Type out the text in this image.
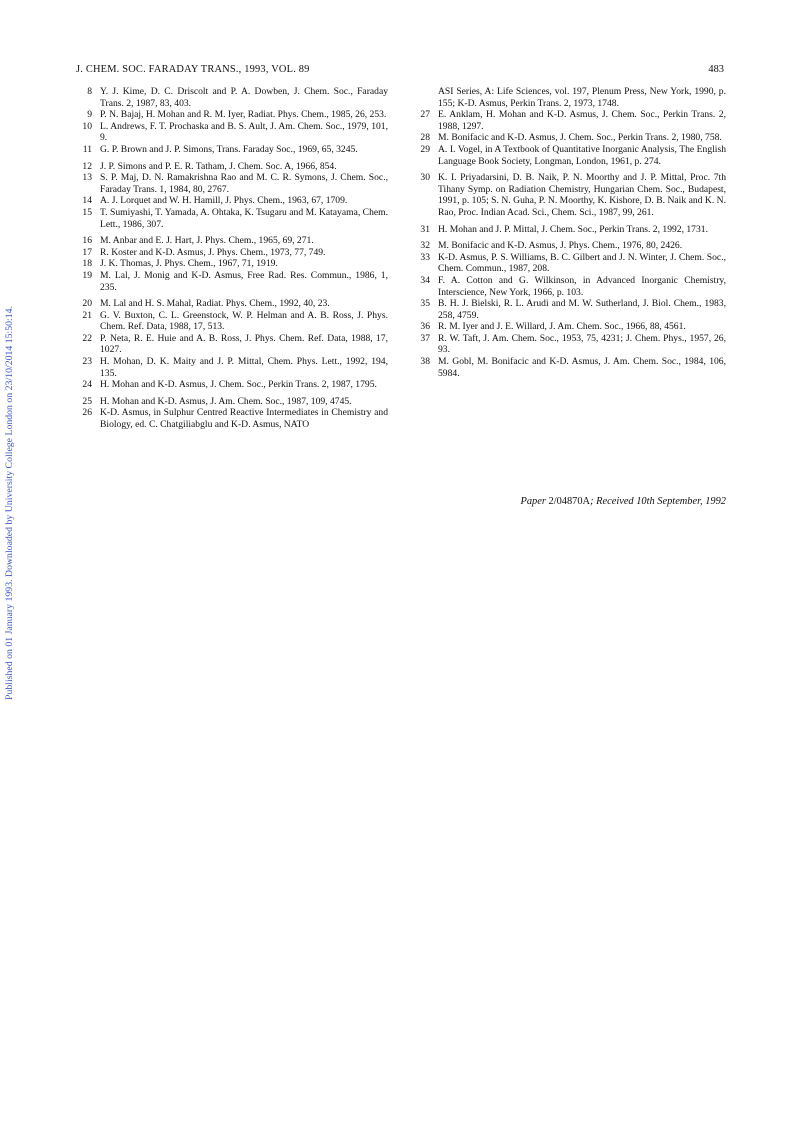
J. CHEM. SOC. FARADAY TRANS., 1993, VOL. 89	483
Published on 01 January 1993. Downloaded by University College London on 23/10/2014 15:50:14.
8 Y. J. Kime, D. C. Driscolt and P. A. Dowben, J. Chem. Soc., Faraday Trans. 2, 1987, 83, 403.
9 P. N. Bajaj, H. Mohan and R. M. Iyer, Radiat. Phys. Chem., 1985, 26, 253.
10 L. Andrews, F. T. Prochaska and B. S. Ault, J. Am. Chem. Soc., 1979, 101, 9.
11 G. P. Brown and J. P. Simons, Trans. Faraday Soc., 1969, 65, 3245.
12 J. P. Simons and P. E. R. Tatham, J. Chem. Soc. A, 1966, 854.
13 S. P. Maj, D. N. Ramakrishna Rao and M. C. R. Symons, J. Chem. Soc., Faraday Trans. 1, 1984, 80, 2767.
14 A. J. Lorquet and W. H. Hamill, J. Phys. Chem., 1963, 67, 1709.
15 T. Sumiyashi, T. Yamada, A. Ohtaka, K. Tsugaru and M. Katayama, Chem. Lett., 1986, 307.
16 M. Anbar and E. J. Hart, J. Phys. Chem., 1965, 69, 271.
17 R. Koster and K-D. Asmus, J. Phys. Chem., 1973, 77, 749.
18 J. K. Thomas, J. Phys. Chem., 1967, 71, 1919.
19 M. Lal, J. Monig and K-D. Asmus, Free Rad. Res. Commun., 1986, 1, 235.
20 M. Lal and H. S. Mahal, Radiat. Phys. Chem., 1992, 40, 23.
21 G. V. Buxton, C. L. Greenstock, W. P. Helman and A. B. Ross, J. Phys. Chem. Ref. Data, 1988, 17, 513.
22 P. Neta, R. E. Huie and A. B. Ross, J. Phys. Chem. Ref. Data, 1988, 17, 1027.
23 H. Mohan, D. K. Maity and J. P. Mittal, Chem. Phys. Lett., 1992, 194, 135.
24 H. Mohan and K-D. Asmus, J. Chem. Soc., Perkin Trans. 2, 1987, 1795.
25 H. Mohan and K-D. Asmus, J. Am. Chem. Soc., 1987, 109, 4745.
26 K-D. Asmus, in Sulphur Centred Reactive Intermediates in Chemistry and Biology, ed. C. Chatgiliabglu and K-D. Asmus, NATO
ASI Series, A: Life Sciences, vol. 197, Plenum Press, New York, 1990, p. 155; K-D. Asmus, Perkin Trans. 2, 1973, 1748.
27 E. Anklam, H. Mohan and K-D. Asmus, J. Chem. Soc., Perkin Trans. 2, 1988, 1297.
28 M. Bonifacic and K-D. Asmus, J. Chem. Soc., Perkin Trans. 2, 1980, 758.
29 A. I. Vogel, in A Textbook of Quantitative Inorganic Analysis, The English Language Book Society, Longman, London, 1961, p. 274.
30 K. I. Priyadarsini, D. B. Naik, P. N. Moorthy and J. P. Mittal, Proc. 7th Tihany Symp. on Radiation Chemistry, Hungarian Chem. Soc., Budapest, 1991, p. 105; S. N. Guha, P. N. Moorthy, K. Kishore, D. B. Naik and K. N. Rao, Proc. Indian Acad. Sci., Chem. Sci., 1987, 99, 261.
31 H. Mohan and J. P. Mittal, J. Chem. Soc., Perkin Trans. 2, 1992, 1731.
32 M. Bonifacic and K-D. Asmus, J. Phys. Chem., 1976, 80, 2426.
33 K-D. Asmus, P. S. Williams, B. C. Gilbert and J. N. Winter, J. Chem. Soc., Chem. Commun., 1987, 208.
34 F. A. Cotton and G. Wilkinson, in Advanced Inorganic Chemistry, Interscience, New York, 1966, p. 103.
35 B. H. J. Bielski, R. L. Arudi and M. W. Sutherland, J. Biol. Chem., 1983, 258, 4759.
36 R. M. Iyer and J. E. Willard, J. Am. Chem. Soc., 1966, 88, 4561.
37 R. W. Taft, J. Am. Chem. Soc., 1953, 75, 4231; J. Chem. Phys., 1957, 26, 93.
38 M. Gobl, M. Bonifacic and K-D. Asmus, J. Am. Chem. Soc., 1984, 106, 5984.
Paper 2/04870A; Received 10th September, 1992
